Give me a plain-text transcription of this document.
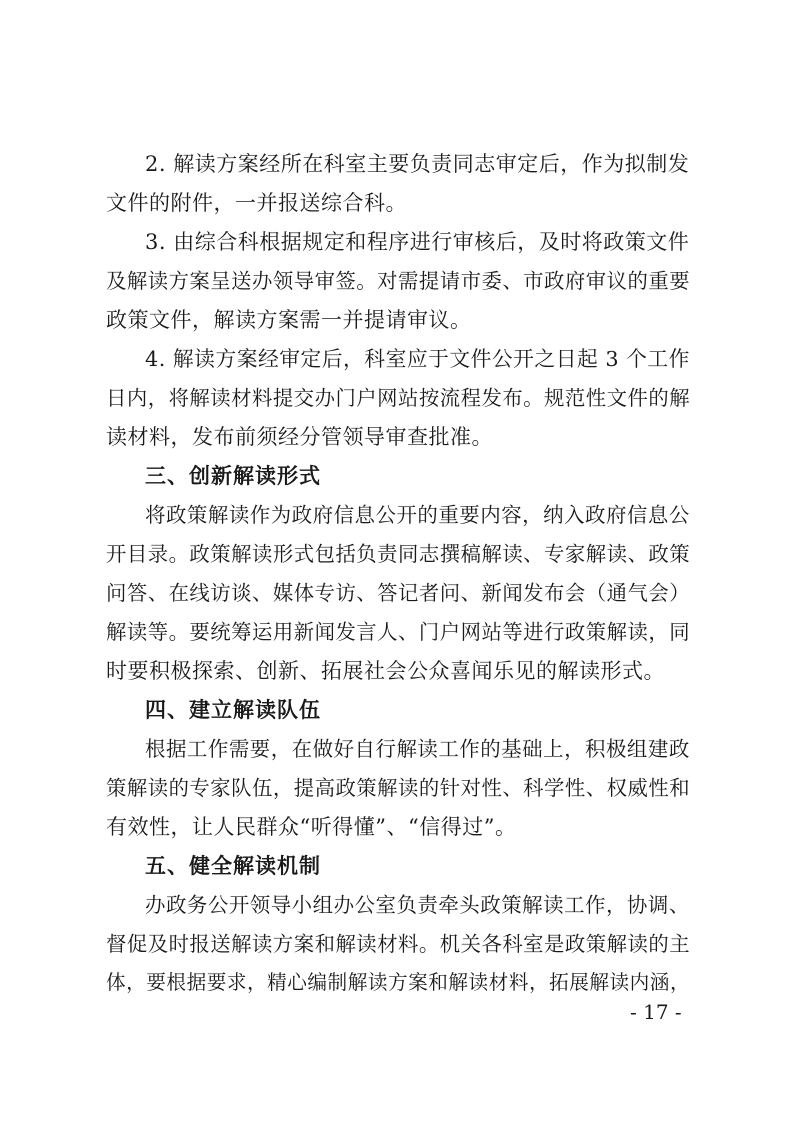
2. 解读方案经所在科室主要负责同志审定后，作为拟制发
文件的附件，一并报送综合科。
3. 由综合科根据规定和程序进行审核后，及时将政策文件
及解读方案呈送办领导审签。对需提请市委、市政府审议的重要
政策文件，解读方案需一并提请审议。
4. 解读方案经审定后，科室应于文件公开之日起 3 个工作
日内，将解读材料提交办门户网站按流程发布。规范性文件的解
读材料，发布前须经分管领导审查批准。
三、创新解读形式
将政策解读作为政府信息公开的重要内容，纳入政府信息公
开目录。政策解读形式包括负责同志撰稿解读、专家解读、政策
问答、在线访谈、媒体专访、答记者问、新闻发布会（通气会）
解读等。要统筹运用新闻发言人、门户网站等进行政策解读，同
时要积极探索、创新、拓展社会公众喜闻乐见的解读形式。
四、建立解读队伍
根据工作需要，在做好自行解读工作的基础上，积极组建政
策解读的专家队伍，提高政策解读的针对性、科学性、权威性和
有效性，让人民群众“听得懂”、“信得过”。
五、健全解读机制
办政务公开领导小组办公室负责牵头政策解读工作，协调、
督促及时报送解读方案和解读材料。机关各科室是政策解读的主
体，要根据要求，精心编制解读方案和解读材料，拓展解读内涵，
- 17 -
